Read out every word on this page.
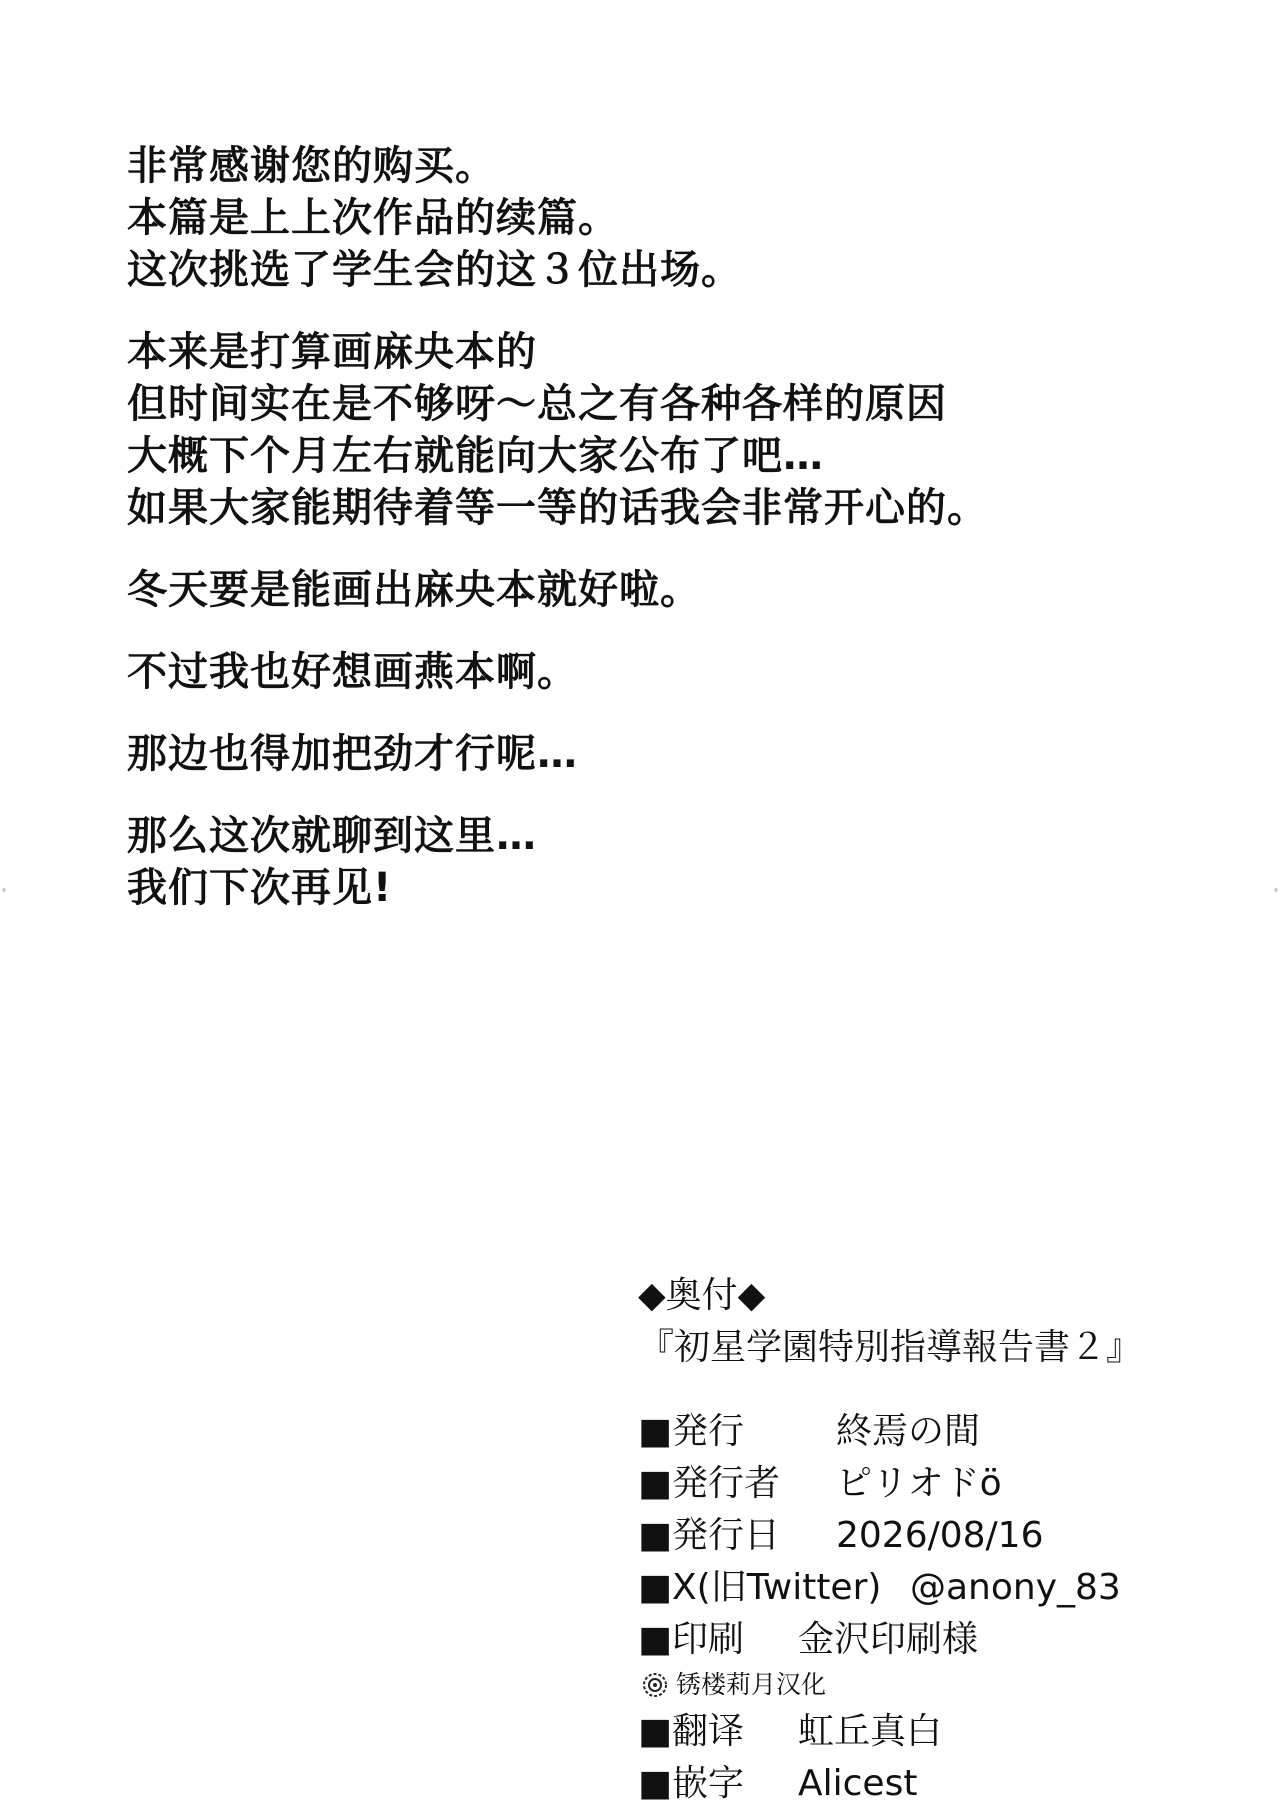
非常感谢您的购买。
本篇是上上次作品的续篇。
这次挑选了学生会的这３位出场。
本来是打算画麻央本的
但时间实在是不够呀～总之有各种各样的原因
大概下个月左右就能向大家公布了吧…
如果大家能期待着等一等的话我会非常开心的。
冬天要是能画出麻央本就好啦。
不过我也好想画燕本啊。
那边也得加把劲才行呢…
那么这次就聊到这里…
我们下次再见!
◆奥付◆
『初星学園特別指導報告書２』
■発行	終焉の間
■発行者	ピリオドö
■発行日	2026/08/16
■X(旧Twitter) @anony_83
■印刷	金沢印刷様
锈楼莉月汉化
■翻译	虹丘真白
■嵌字	Alicest
